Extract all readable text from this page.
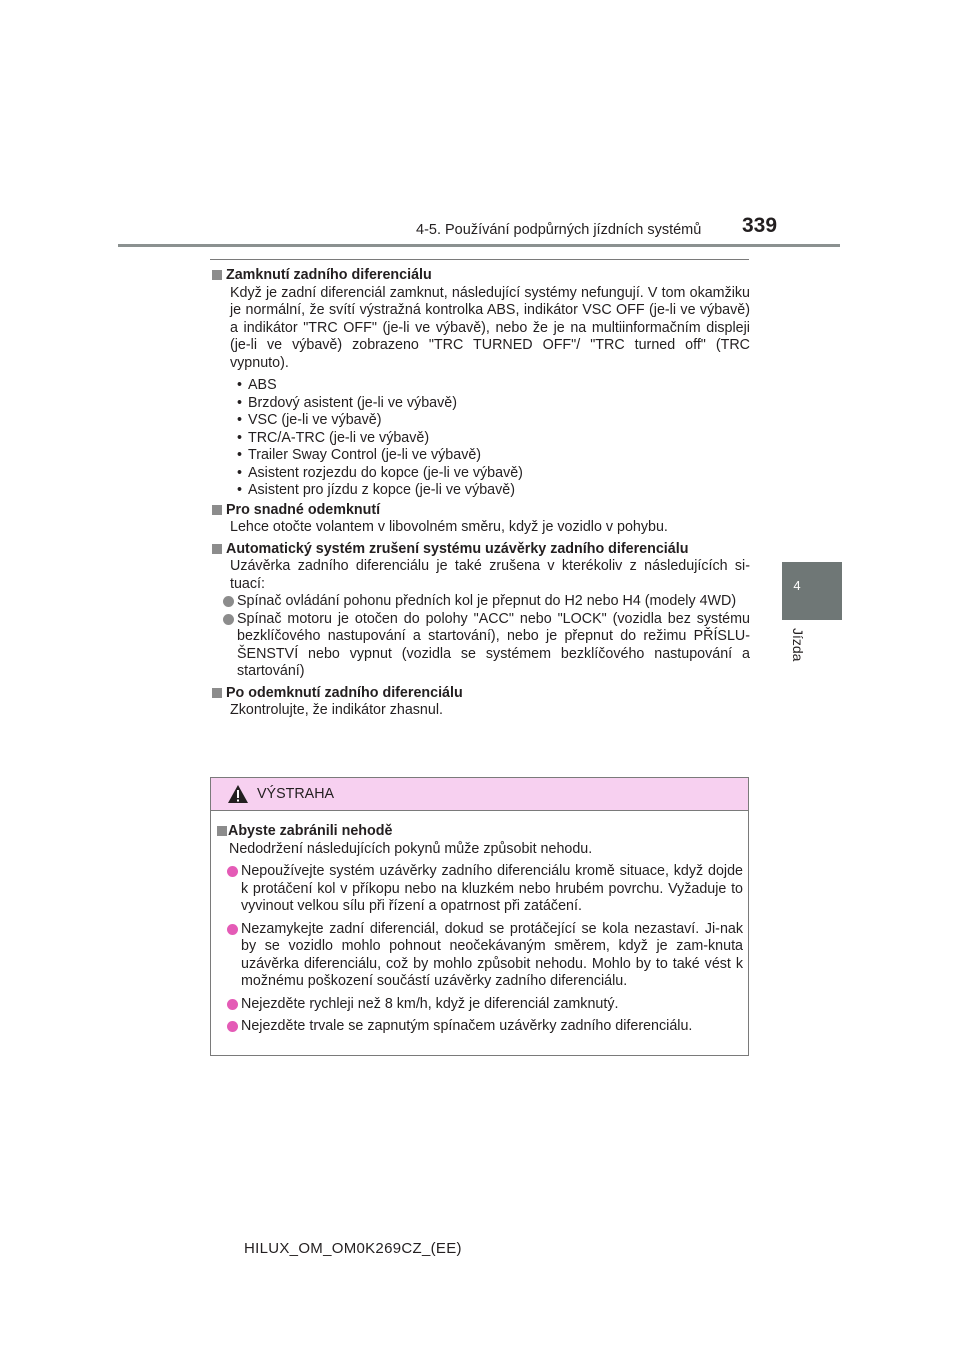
4-5. Používání podpůrných jízdních systémů 339
4
Jízda

Zamknutí zadního diferenciálu

Když je zadní diferenciál zamknut, následující systémy nefungují. V tom okamžiku je normální, že svítí výstražná kontrolka ABS, indikátor VSC OFF (je-li ve výbavě) a indikátor "TRC OFF" (je-li ve výbavě), nebo že je na multiinformačním displeji (je-li ve výbavě) zobrazeno "TRC TURNED OFF"/ "TRC turned off" (TRC vypnuto).

• ABS
• Brzdový asistent (je-li ve výbavě)
• VSC (je-li ve výbavě)
• TRC/A-TRC (je-li ve výbavě)
• Trailer Sway Control (je-li ve výbavě)
• Asistent rozjezdu do kopce (je-li ve výbavě)
• Asistent pro jízdu z kopce (je-li ve výbavě)

Pro snadné odemknutí

Lehce otočte volantem v libovolném směru, když je vozidlo v pohybu.

Automatický systém zrušení systému uzávěrky zadního diferenciálu

Uzávěrka zadního diferenciálu je také zrušena v kterékoliv z následujících si-tuací:

Spínač ovládání pohonu předních kol je přepnut do H2 nebo H4 (modely 4WD)

Spínač motoru je otočen do polohy "ACC" nebo "LOCK" (vozidla bez systému bezklíčového nastupování a startování), nebo je přepnut do režimu PŘÍSLU-ŠENSTVÍ nebo vypnut (vozidla se systémem bezklíčového nastupování a startování)

Po odemknutí zadního diferenciálu

Zkontrolujte, že indikátor zhasnul.

VÝSTRAHA

Abyste zabránili nehodě

Nedodržení následujících pokynů může způsobit nehodu.

Nepoužívejte systém uzávěrky zadního diferenciálu kromě situace, když dojde k protáčení kol v příkopu nebo na kluzkém nebo hrubém povrchu. Vyžaduje to vyvinout velkou sílu při řízení a opatrnost při zatáčení.

Nezamykejte zadní diferenciál, dokud se protáčející se kola nezastaví. Ji-nak by se vozidlo mohlo pohnout neočekávaným směrem, když je zam-knuta uzávěrka diferenciálu, což by mohlo způsobit nehodu. Mohlo by to také vést k možnému poškození součástí uzávěrky zadního diferenciálu.

Nejezděte rychleji než 8 km/h, když je diferenciál zamknutý.

Nejezděte trvale se zapnutým spínačem uzávěrky zadního diferenciálu.

HILUX_OM_OM0K269CZ_(EE)
